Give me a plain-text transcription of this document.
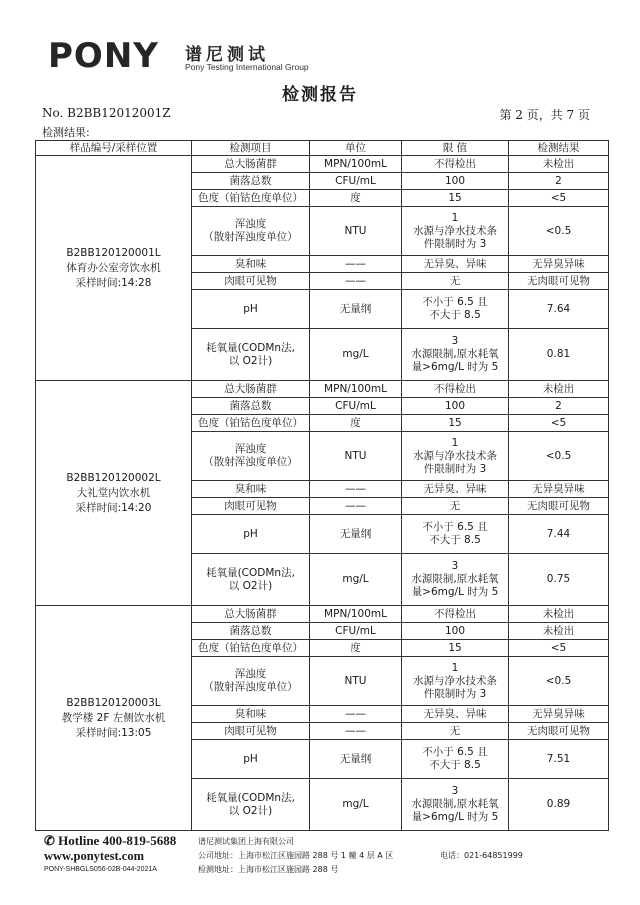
PONY 谱尼测试
Pony Testing International Group
检测报告
No. B2BB12012001Z	第 2 页，共 7 页
检测结果:
样品编号/采样位置	检测项目	单位	限 值	检测结果

B2BB120120001L
体育办公室旁饮水机
采样时间:14:28	总大肠菌群	MPN/100mL	不得检出	未检出
	菌落总数	CFU/mL	100	2
	色度（铂钴色度单位）	度	15	<5
	浑浊度
（散射浑浊度单位）	NTU	1
水源与净水技术条
件限制时为 3	<0.5
	臭和味	——	无异臭、异味	无异臭异味
	肉眼可见物	——	无	无肉眼可见物
	pH	无量纲	不小于 6.5 且
不大于 8.5	7.64
	耗氧量(CODMn法,
以 O2计)	mg/L	3
水源限制,原水耗氧
量>6mg/L 时为 5	0.81

B2BB120120002L
大礼堂内饮水机
采样时间:14:20	总大肠菌群	MPN/100mL	不得检出	未检出
	菌落总数	CFU/mL	100	2
	色度（铂钴色度单位）	度	15	<5
	浑浊度
（散射浑浊度单位）	NTU	1
水源与净水技术条
件限制时为 3	<0.5
	臭和味	——	无异臭、异味	无异臭异味
	肉眼可见物	——	无	无肉眼可见物
	pH	无量纲	不小于 6.5 且
不大于 8.5	7.44
	耗氧量(CODMn法,
以 O2计)	mg/L	3
水源限制,原水耗氧
量>6mg/L 时为 5	0.75

B2BB120120003L
教学楼 2F 左侧饮水机
采样时间:13:05	总大肠菌群	MPN/100mL	不得检出	未检出
	菌落总数	CFU/mL	100	未检出
	色度（铂钴色度单位）	度	15	<5
	浑浊度
（散射浑浊度单位）	NTU	1
水源与净水技术条
件限制时为 3	<0.5
	臭和味	——	无异臭、异味	无异臭异味
	肉眼可见物	——	无	无肉眼可见物
	pH	无量纲	不小于 6.5 且
不大于 8.5	7.51
	耗氧量(CODMn法,
以 O2计)	mg/L	3
水源限制,原水耗氧
量>6mg/L 时为 5	0.89
✆ Hotline 400-819-5688
www.ponytest.com
PONY-SHBGLS056-02B-044-2021A
谱尼测试集团上海有限公司
公司地址：上海市松江区施园路 288 号 1 幢 4 层 A 区
检测地址：上海市松江区施园路 288 号
电话：021-64851999
